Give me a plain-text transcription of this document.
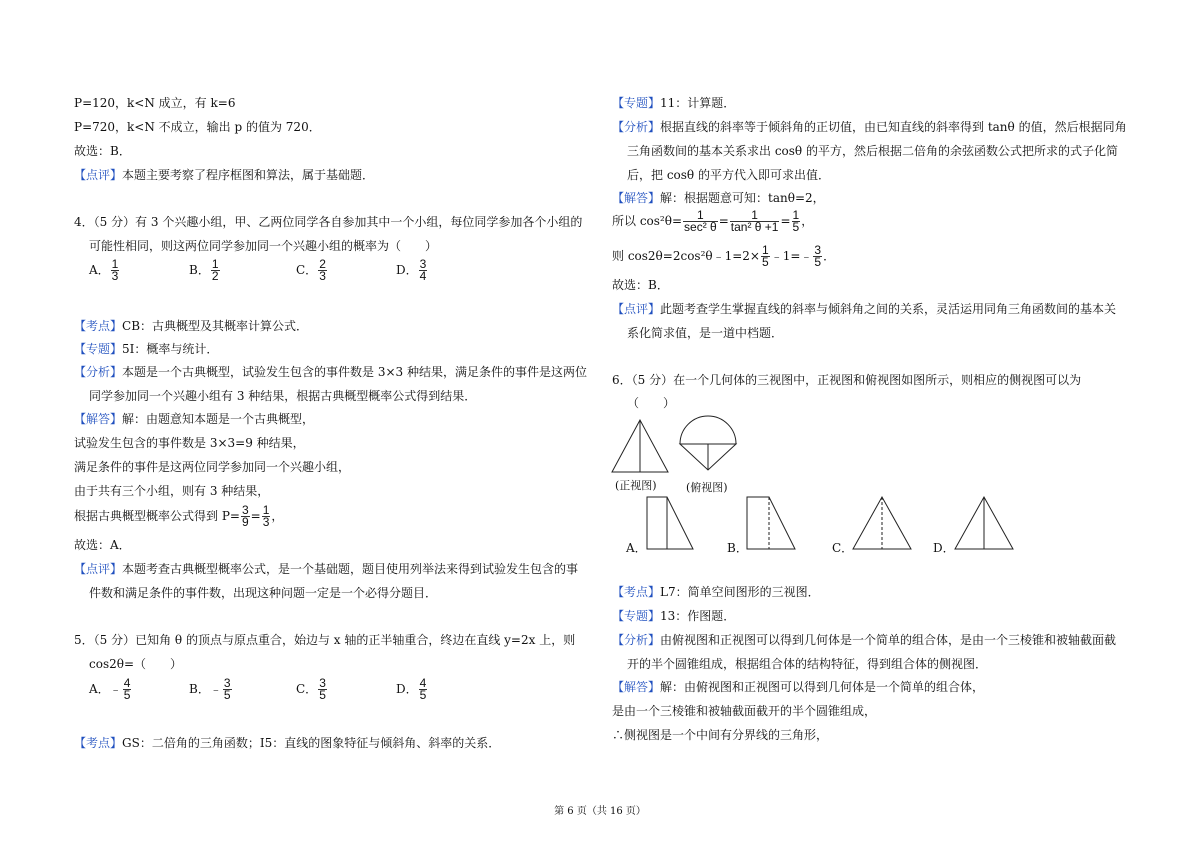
P=120，k<N 成立，有 k=6
P=720，k<N 不成立，输出 p 的值为 720．
故选：B．
【点评】本题主要考察了程序框图和算法，属于基础题．
4．（5 分）有 3 个兴趣小组，甲、乙两位同学各自参加其中一个小组，每位同学参加各个小组的
可能性相同，则这两位同学参加同一个兴趣小组的概率为（　　）
A． $\frac{1}{3}$	B． $\frac{1}{2}$	C． $\frac{2}{3}$	D． $\frac{3}{4}$
【考点】CB：古典概型及其概率计算公式．
【专题】5I：概率与统计．
【分析】本题是一个古典概型，试验发生包含的事件数是 3×3 种结果，满足条件的事件是这两位
同学参加同一个兴趣小组有 3 种结果，根据古典概型概率公式得到结果．
【解答】解：由题意知本题是一个古典概型，
试验发生包含的事件数是 3×3=9 种结果，
满足条件的事件是这两位同学参加同一个兴趣小组，
由于共有三个小组，则有 3 种结果，
根据古典概型概率公式得到 $P= \frac{3}{9} = \frac{1}{3}$ ，
故选：A．
【点评】本题考查古典概型概率公式，是一个基础题，题目使用列举法来得到试验发生包含的事
件数和满足条件的事件数，出现这种问题一定是一个必得分题目．
5．（5 分）已知角 θ 的顶点与原点重合，始边与 x 轴的正半轴重合，终边在直线 y=2x 上，则
cos2θ=（　　）
A．﹣ $\frac{4}{5}$	B．﹣ $\frac{3}{5}$	C． $\frac{3}{5}$	D． $\frac{4}{5}$
【考点】GS：二倍角的三角函数；I5：直线的图象特征与倾斜角、斜率的关系．
【专题】11：计算题．
【分析】根据直线的斜率等于倾斜角的正切值，由已知直线的斜率得到 tanθ 的值，然后根据同角
三角函数间的基本关系求出 cosθ 的平方，然后根据二倍角的余弦函数公式把所求的式子化简
后，把 cosθ 的平方代入即可求出值．
【解答】解：根据题意可知：tanθ=2，
所以 $\cos^2\theta= \frac{1}{\text{sec² θ}} = \frac{1}{\text{tan² θ +1}} = \frac{1}{5}$ ，
则 cos2θ=2cos²θ﹣1=2× $\frac{1}{5}$ ﹣1=﹣ $\frac{3}{5}$ ．
故选：B．
【点评】此题考查学生掌握直线的斜率与倾斜角之间的关系，灵活运用同角三角函数间的基本关
系化简求值，是一道中档题．
6．（5 分）在一个几何体的三视图中，正视图和俯视图如图所示，则相应的侧视图可以为
（　　）
(正视图)	(俯视图)
A．	B．	C．	D．
【考点】L7：简单空间图形的三视图．
【专题】13：作图题．
【分析】由俯视图和正视图可以得到几何体是一个简单的组合体，是由一个三棱锥和被轴截面截
开的半个圆锥组成，根据组合体的结构特征，得到组合体的侧视图．
【解答】解：由俯视图和正视图可以得到几何体是一个简单的组合体，
是由一个三棱锥和被轴截面截开的半个圆锥组成，
∴侧视图是一个中间有分界线的三角形，
第 6 页（共 16 页）
